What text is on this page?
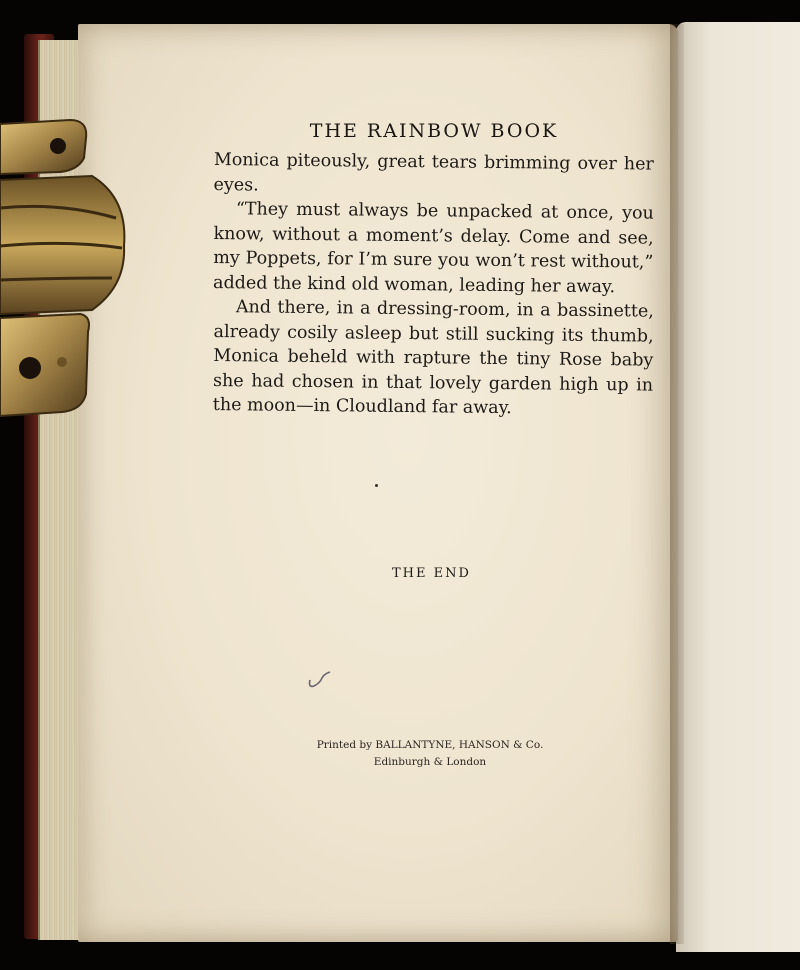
THE RAINBOW BOOK

Monica piteously, great tears brimming over her eyes.

“They must always be unpacked at once, you know, without a moment’s delay. Come and see, my Poppets, for I’m sure you won’t rest without,” added the kind old woman, leading her away.

And there, in a dressing-room, in a bassinette, already cosily asleep but still sucking its thumb, Monica beheld with rapture the tiny Rose baby she had chosen in that lovely garden high up in the moon—in Cloudland far away.

THE END
Printed by BALLANTYNE, HANSON & Co.
Edinburgh & London
